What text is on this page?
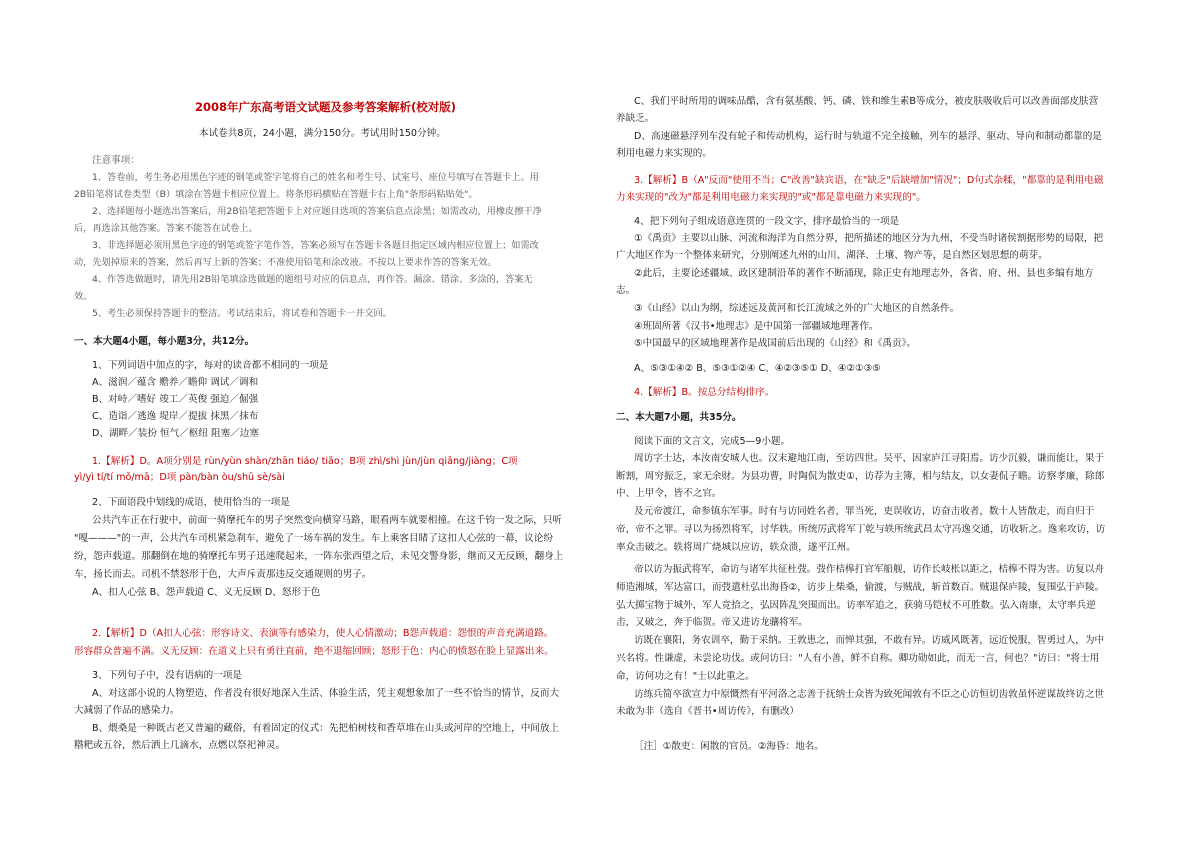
2008年广东高考语文试题及参考答案解析(校对版)
本试卷共8页，24小题，满分150分。考试用时150分钟。
注意事项：
1、答卷前，考生务必用黑色字迹的钢笔或签字笔将自己的姓名和考生号、试室号、座位号填写在答题卡上。用
2B铅笔将试卷类型（B）填涂在答题卡相应位置上。将条形码横贴在答题卡右上角"条形码粘贴处"。
2、选择题每小题选出答案后，用2B铅笔把答题卡上对应题目选项的答案信息点涂黑；如需改动，用橡皮擦干净
后，再选涂其他答案。答案不能答在试卷上。
3、非选择题必须用黑色字迹的钢笔或签字笔作答，答案必须写在答题卡各题目指定区域内相应位置上；如需改
动，先划掉原来的答案，然后再写上新的答案；不准使用铅笔和涂改液。不按以上要求作答的答案无效。
4、作答选做题时，请先用2B铅笔填涂选做题的题组号对应的信息点，再作答。漏涂、错涂、多涂的，答案无
效。
5、考生必须保持答题卡的整洁。考试结束后，将试卷和答题卡一并交回。
一、本大题4小题，每小题3分，共12分。
1、下列词语中加点的字，每对的读音都不相同的一项是
A、滋润／蕴含 赡养／瞻仰 调试／调和
B、对峙／嗜好 竣工／英俊 强迫／倔强
C、造诣／逃逸 堤岸／提拔 抹黑／抹布
D、湖畔／装扮 恒气／枢纽 阻塞／边塞
1.【解析】D。A项分别是 rùn/yùn shàn/zhān tiáo/ tiǎo；B项 zhì/shì jùn/jùn qiǎng/jiàng；C项
yì/yì tí/tí mǒ/mā；D项 pàn/bàn òu/shū sè/sài
2、下面语段中划线的成语，使用恰当的一项是
公共汽车正在行驶中，前面一骑摩托车的男子突然变向横穿马路，眼看两车就要相撞。在这千钧一发之际，只听
"嘎———"的一声，公共汽车司机紧急刹车，避免了一场车祸的发生。车上乘客目睹了这扣人心弦的一幕，议论纷
纷，怨声载道。那翻倒在地的骑摩托车男子迅速爬起来，一阵东张西望之后，未见交警身影，继而又无反顾，翻身上
车，扬长而去。司机不禁怒形于色，大声斥责那违反交通规则的男子。
A、扣人心弦 B、怨声载道 C、义无反顾 D、怒形于色
2.【解析】D（A扣人心弦：形容诗文、表演等有感染力，使人心情激动；B怨声载道：怨恨的声音充满道路。
形容群众普遍不满。义无反顾：在道义上只有勇往直前，绝不退缩回顾；怒形于色：内心的愤怒在脸上显露出来。
3、下列句子中，没有语病的一项是
A、对这部小说的人物塑造，作者没有很好地深入生活、体验生活，凭主观想象加了一些不恰当的情节，反而大
大减弱了作品的感染力。
B、煨桑是一种既古老又普遍的藏俗，有着固定的仪式：先把柏树枝和香草堆在山头或河岸的空地上，中间放上
糌粑或五谷，然后洒上几滴水，点燃以祭祀神灵。
C、我们平时所用的调味品酷，含有氨基酸、钙、磷、铁和维生素B等成分，被皮肤吸收后可以改善面部皮肤营
养缺乏。
D、高速磁悬浮列车没有轮子和传动机构，运行时与轨道不完全接触，列车的悬浮、驱动、导向和制动都靠的是
利用电磁力来实现的。
3.【解析】B（A"反而"使用不当；C"改善"缺宾语，在"缺乏"后缺增加"情况"；D句式杂糅，"都靠的是利用电磁
力来实现的"改为"都是利用电磁力来实现的"或"都是靠电磁力来实现的"。
4、把下列句子组成语意连贯的一段文字，排序最恰当的一项是
①《禹贡》主要以山脉、河流和海洋为自然分界，把所描述的地区分为九州，不受当时诸侯割据形势的局限，把
广大地区作为一个整体来研究，分别阐述九州的山川、湖泽、土壤、物产等，是自然区划思想的萌芽。
②此后，主要论述疆域、政区建制沿革的著作不断涌现，除正史有地理志外，各省、府、州、县也多编有地方
志。
③《山经》以山为纲，综述远及黄河和长江流域之外的广大地区的自然条件。
④班固所著《汉书•地理志》是中国第一部疆域地理著作。
⑤中国最早的区域地理著作是战国前后出现的《山经》和《禹贡》。
A、⑤③①④② B、⑤③①②④ C、④②③⑤① D、④②①③⑤
4.【解析】B。按总分结构排序。
二、本大题7小题，共35分。
阅读下面的文言文，完成5—9小题。
周访字士达，本汝南安城人也。汉末避地江南，至访四世。吴平，因家庐江寻阳焉。访少沉毅，谦而能让，果于
断割，周穷振乏，家无余财。为县功曹，时陶侃为散吏①，访荐为主簿，相与结友，以女妻侃子瞻。访察孝廉，除郎
中、上甲令，皆不之官。
及元帝渡江，命参镇东军事。时有与访同姓名者，罪当死，吏误收访，访奋击收者，数十人皆散走，而自归于
帝，帝不之罪。寻以为扬烈将军，讨华轶。所统厉武将军丁乾与轶所统武昌太守冯逸交通，访收斩之。逸来攻访，访
率众击破之。轶将周广烧城以应访，轶众溃，遂平江州。
帝以访为振武将军，命访与诸军共征杜弢。弢作桔槔打官军船舰，访作长岐枨以距之，桔槔不得为害。访复以舟
师造湘城，军达富口，而弢遣杜弘出海昏②，访步上柴桑，偷渡，与贼战，斩首数百。贼退保庐陵，复围弘于庐陵。
弘大掷宝物于城外，军人竞拾之，弘因阵乱突围而出。访率军追之，获骑马铠杖不可胜数。弘入南康，太守率兵逆
击，又破之，奔于临贺。帝又进访龙骧将军。
访既在襄阳，务农训卒，勤于采纳。王敦患之，而惮其强，不敢有异。访威风既著，远近悦服，智勇过人，为中
兴名将。性谦虚，未尝论功伐。或问访曰："人有小善，鲜不自称。卿功勋如此，而无一言，何也？"访曰："将士用
命，访何功之有！"士以此重之。
访练兵简卒欲宣力中原慨然有平河洛之志善于抚纳士众皆为致死闻敦有不臣之心访恒切齿敦虽怀逆谋故终访之世
未敢为非（选自《晋书•周访传》，有删改）
［注］①散吏：闲散的官员。②海昏：地名。
